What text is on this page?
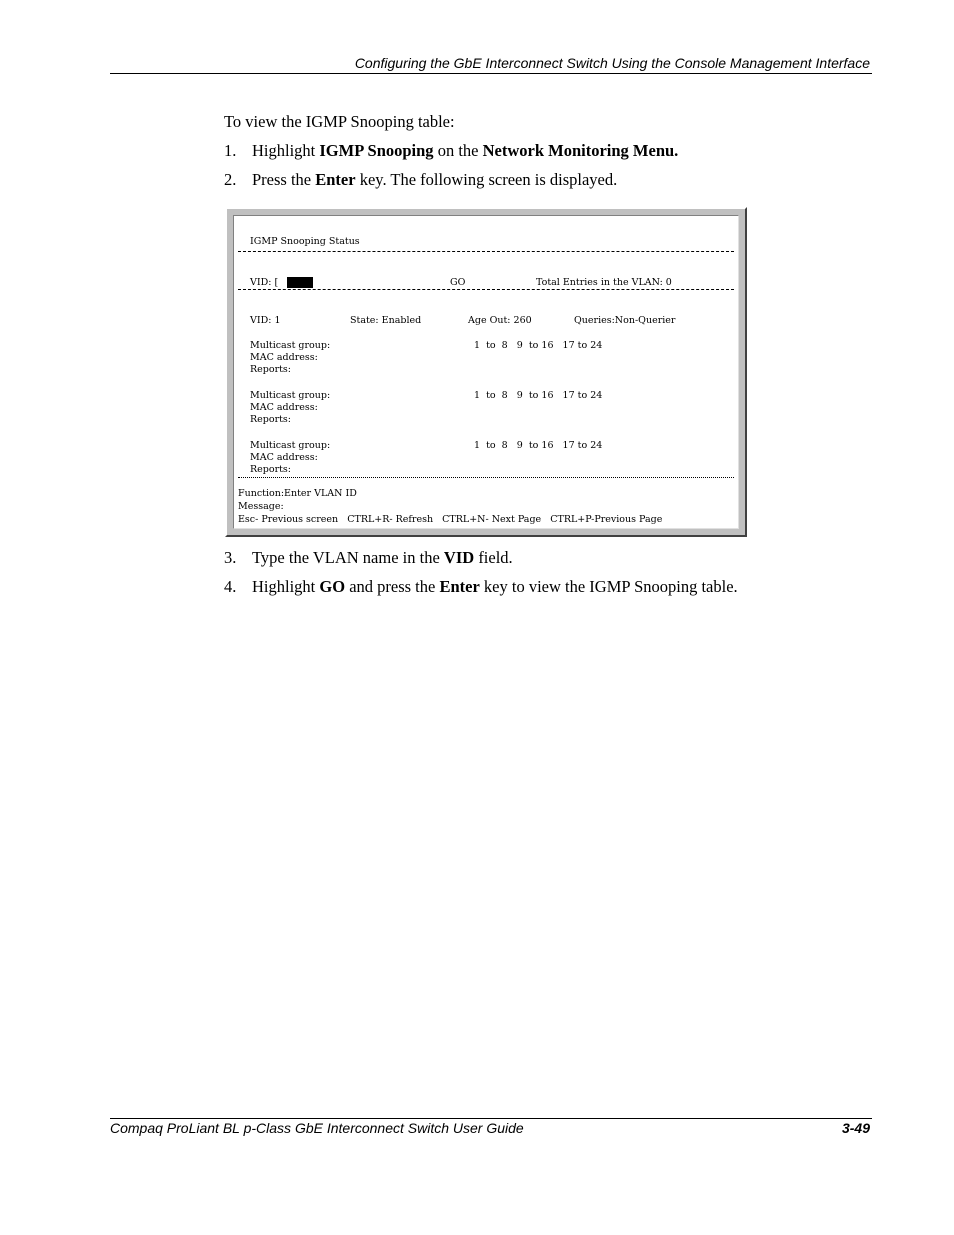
Configuring the GbE Interconnect Switch Using the Console Management Interface
To view the IGMP Snooping table:
1. Highlight IGMP Snooping on the Network Monitoring Menu.
2. Press the Enter key. The following screen is displayed.
IGMP Snooping Status
VID: [	]	GO	Total Entries in the VLAN: 0
VID: 1	State: Enabled	Age Out: 260	Queries:Non-Querier
Multicast group:	1  to  8   9  to 16   17 to 24
MAC address:
Reports:
Multicast group:	1  to  8   9  to 16   17 to 24
MAC address:
Reports:
Multicast group:	1  to  8   9  to 16   17 to 24
MAC address:
Reports:
Function:Enter VLAN ID
Message:
Esc- Previous screen   CTRL+R- Refresh   CTRL+N- Next Page   CTRL+P-Previous Page
3. Type the VLAN name in the VID field.
4. Highlight GO and press the Enter key to view the IGMP Snooping table.
Compaq ProLiant BL p-Class GbE Interconnect Switch User Guide	3-49
